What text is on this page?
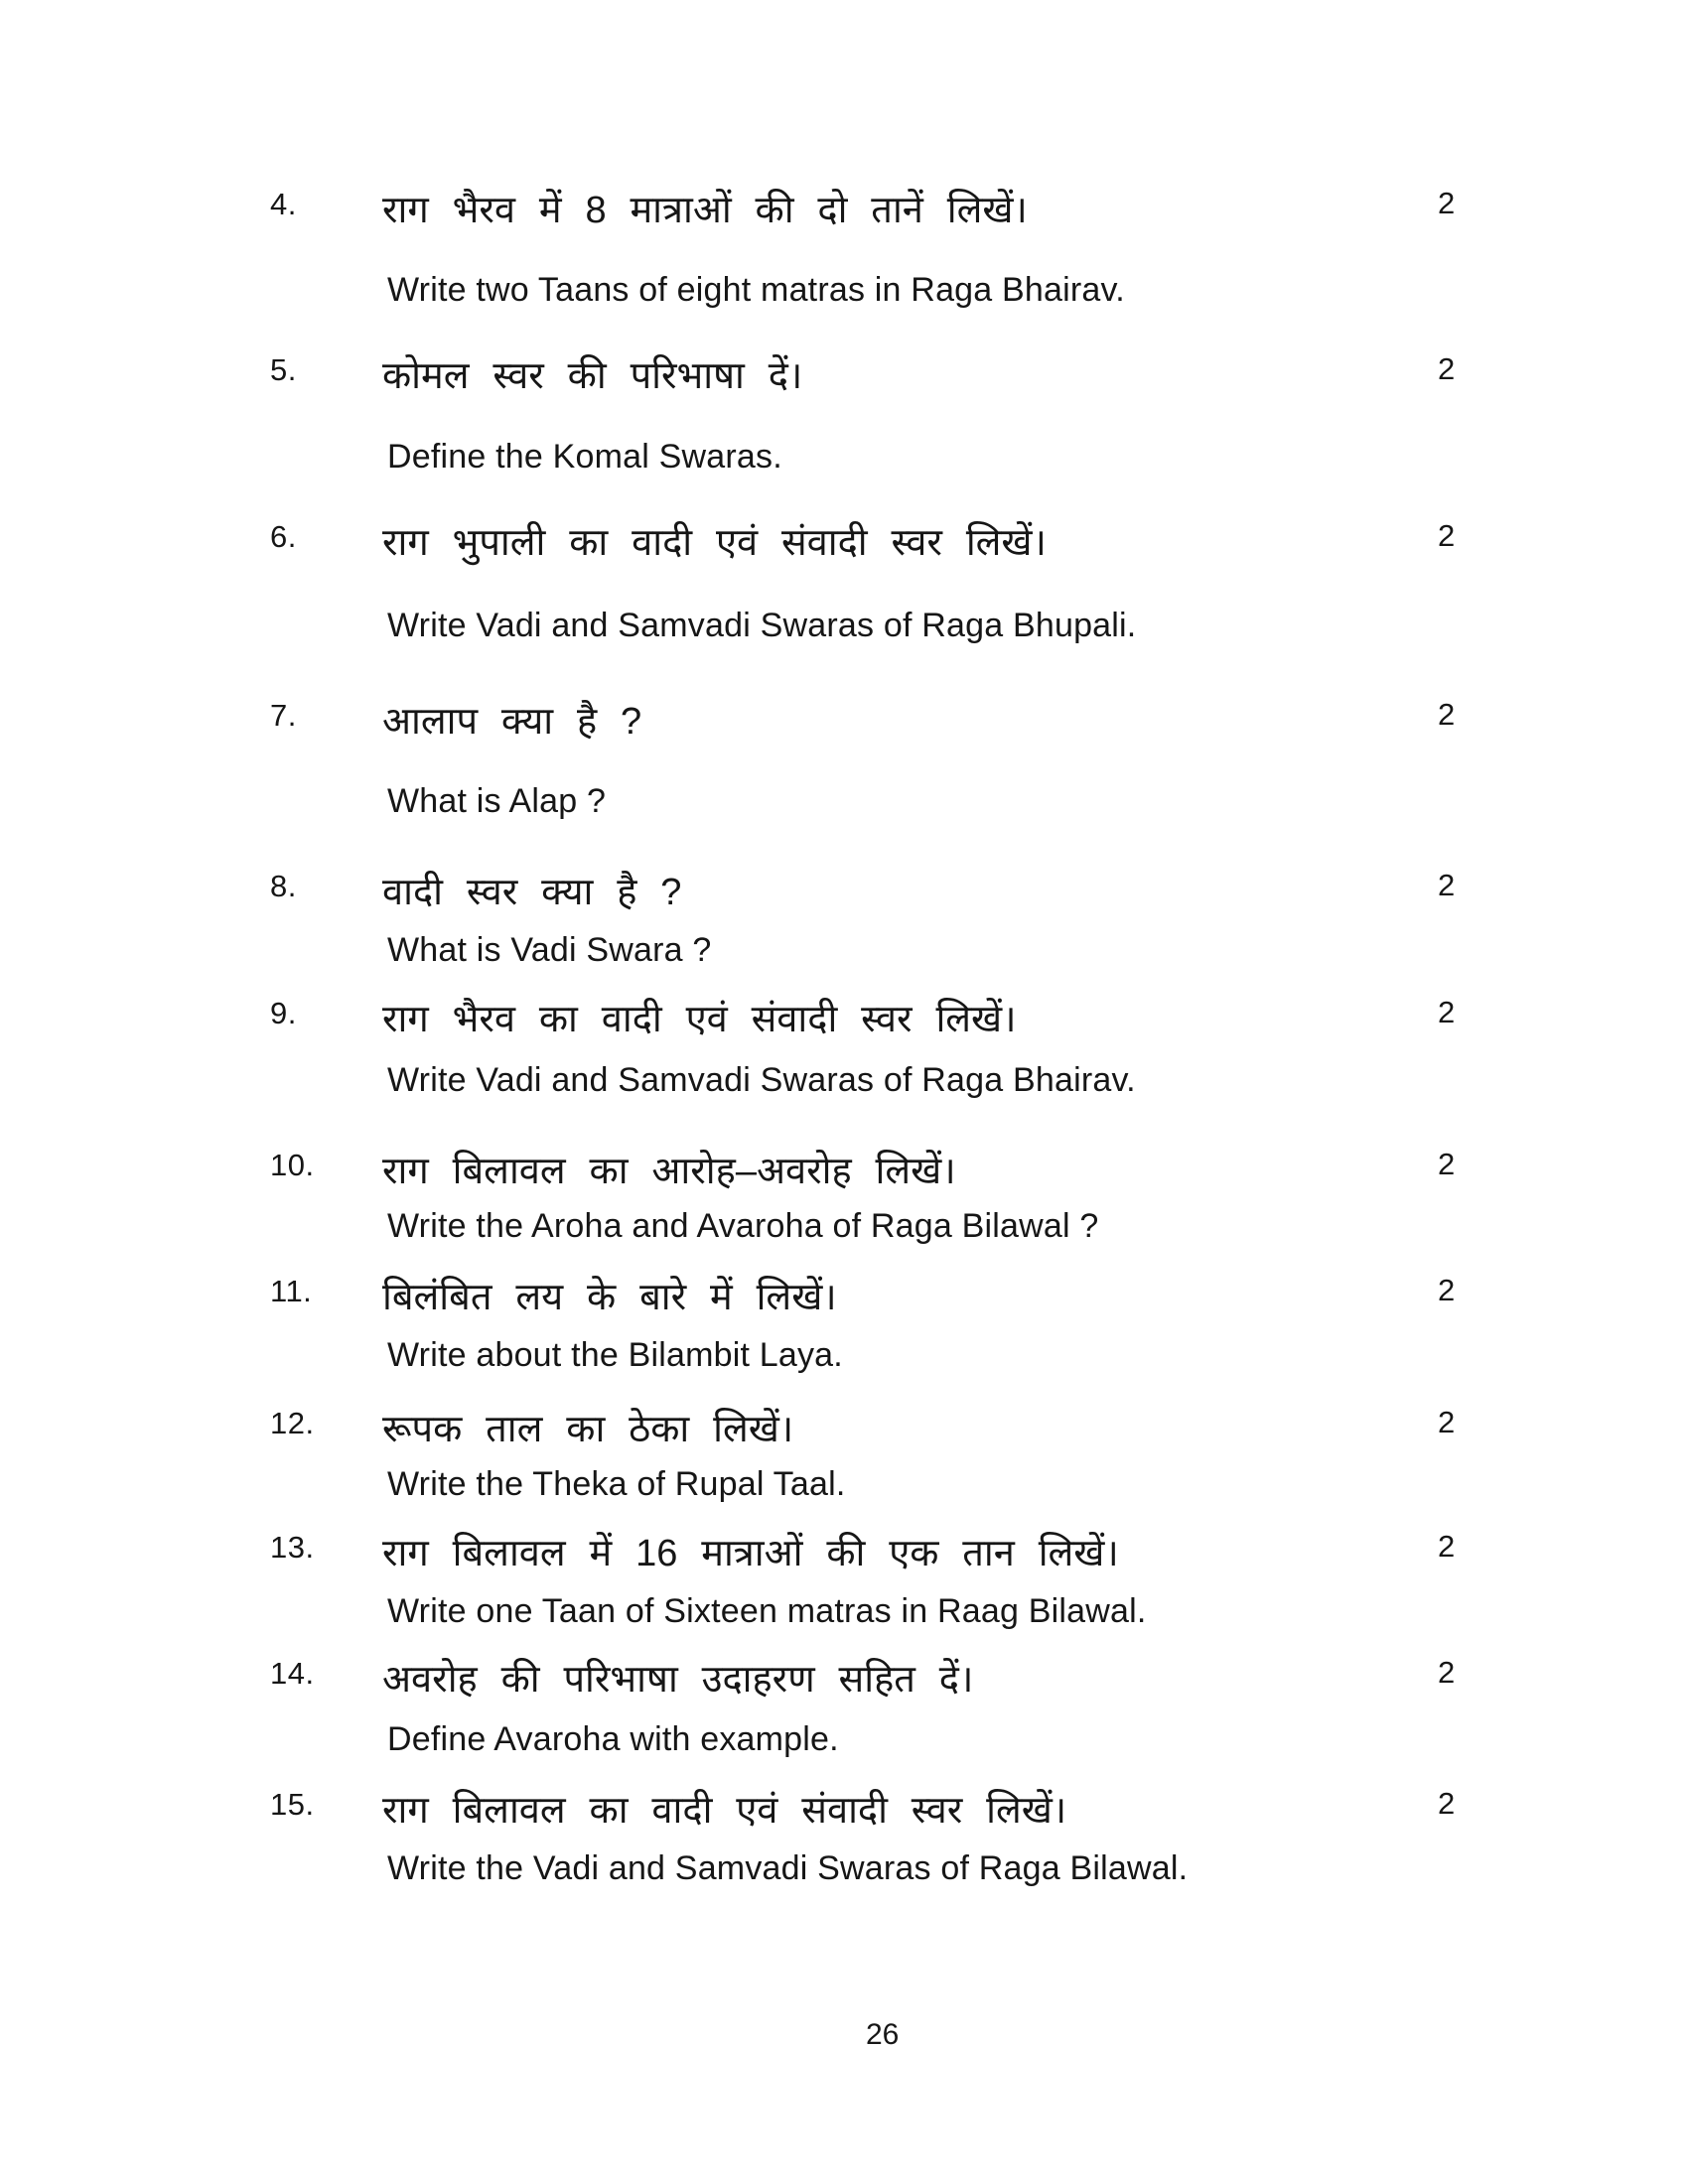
4. राग भैरव में 8 मात्राओं की दो तानें लिखें।	2
Write two Taans of eight matras in Raga Bhairav.
5. कोमल स्वर की परिभाषा दें।	2
Define the Komal Swaras.
6. राग भुपाली का वादी एवं संवादी स्वर लिखें।	2
Write Vadi and Samvadi Swaras of Raga Bhupali.
7. आलाप क्या है ?	2
What is Alap ?
8. वादी स्वर क्या है ?	2
What is Vadi Swara ?
9. राग भैरव का वादी एवं संवादी स्वर लिखें।	2
Write Vadi and Samvadi Swaras of Raga Bhairav.
10. राग बिलावल का आरोह–अवरोह लिखें।	2
Write the Aroha and Avaroha of Raga Bilawal ?
11. बिलंबित लय के बारे में लिखें।	2
Write about the Bilambit Laya.
12. रूपक ताल का ठेका लिखें।	2
Write the Theka of Rupal Taal.
13. राग बिलावल में 16 मात्राओं की एक तान लिखें।	2
Write one Taan of Sixteen matras in Raag Bilawal.
14. अवरोह की परिभाषा उदाहरण सहित दें।	2
Define Avaroha with example.
15. राग बिलावल का वादी एवं संवादी स्वर लिखें।	2
Write the Vadi and Samvadi Swaras of Raga Bilawal.
26
